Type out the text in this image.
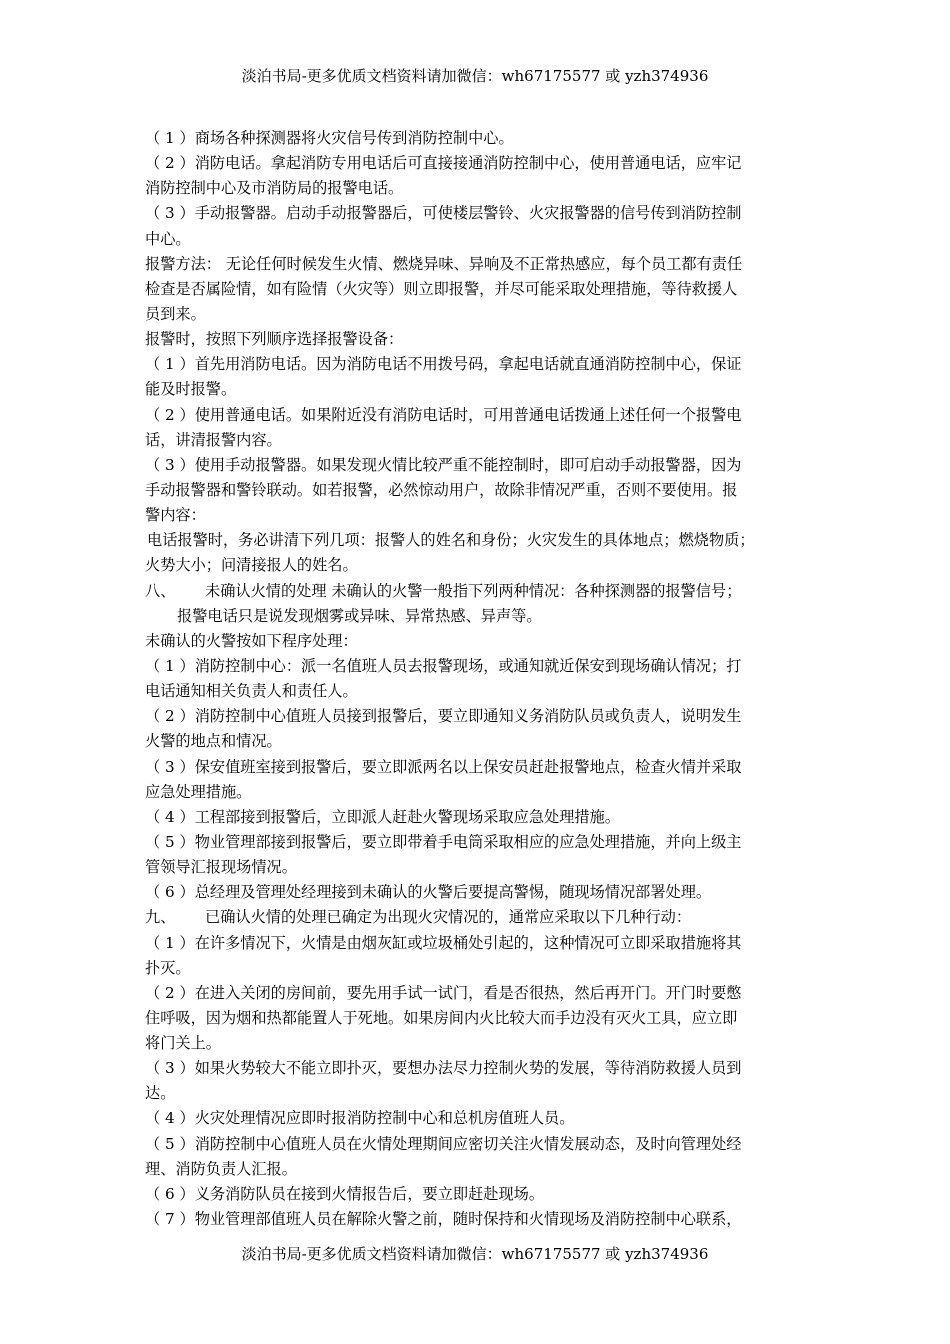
淡泊书局-更多优质文档资料请加微信：wh67175577 或 yzh374936
（ 1 ）商场各种探测器将火灾信号传到消防控制中心。
（ 2 ）消防电话。拿起消防专用电话后可直接接通消防控制中心，使用普通电话，应牢记
消防控制中心及市消防局的报警电话。
（ 3 ）手动报警器。启动手动报警器后，可使楼层警铃、火灾报警器的信号传到消防控制
中心。
报警方法： 无论任何时候发生火情、燃烧异味、异响及不正常热感应，每个员工都有责任
检查是否属险情，如有险情（火灾等）则立即报警，并尽可能采取处理措施，等待救援人
员到来。
报警时，按照下列顺序选择报警设备：
（ 1 ）首先用消防电话。因为消防电话不用拨号码，拿起电话就直通消防控制中心，保证
能及时报警。
（ 2 ）使用普通电话。如果附近没有消防电话时，可用普通电话拨通上述任何一个报警电
话，讲清报警内容。
（ 3 ）使用手动报警器。如果发现火情比较严重不能控制时，即可启动手动报警器，因为
手动报警器和警铃联动。如若报警，必然惊动用户，故除非情况严重，否则不要使用。报
警内容：
电话报警时，务必讲清下列几项：报警人的姓名和身份；火灾发生的具体地点；燃烧物质；
火势大小；问清接报人的姓名。
八、 未确认火情的处理 未确认的火警一般指下列两种情况：各种探测器的报警信号；
报警电话只是说发现烟雾或异味、异常热感、异声等。
未确认的火警按如下程序处理：
（ 1 ）消防控制中心：派一名值班人员去报警现场，或通知就近保安到现场确认情况；打
电话通知相关负责人和责任人。
（ 2 ）消防控制中心值班人员接到报警后，要立即通知义务消防队员或负责人，说明发生
火警的地点和情况。
（ 3 ）保安值班室接到报警后，要立即派两名以上保安员赶赴报警地点，检查火情并采取
应急处理措施。
（ 4 ）工程部接到报警后，立即派人赶赴火警现场采取应急处理措施。
（ 5 ）物业管理部接到报警后，要立即带着手电筒采取相应的应急处理措施，并向上级主
管领导汇报现场情况。
（ 6 ）总经理及管理处经理接到未确认的火警后要提高警惕，随现场情况部署处理。
九、 已确认火情的处理已确定为出现火灾情况的，通常应采取以下几种行动：
（ 1 ）在许多情况下，火情是由烟灰缸或垃圾桶处引起的，这种情况可立即采取措施将其
扑灭。
（ 2 ）在进入关闭的房间前，要先用手试一试门，看是否很热，然后再开门。开门时要憋
住呼吸，因为烟和热都能置人于死地。如果房间内火比较大而手边没有灭火工具，应立即
将门关上。
（ 3 ）如果火势较大不能立即扑灭，要想办法尽力控制火势的发展，等待消防救援人员到
达。
（ 4 ）火灾处理情况应即时报消防控制中心和总机房值班人员。
（ 5 ）消防控制中心值班人员在火情处理期间应密切关注火情发展动态，及时向管理处经
理、消防负责人汇报。
（ 6 ）义务消防队员在接到火情报告后，要立即赶赴现场。
（ 7 ）物业管理部值班人员在解除火警之前，随时保持和火情现场及消防控制中心联系，
淡泊书局-更多优质文档资料请加微信：wh67175577 或 yzh374936
